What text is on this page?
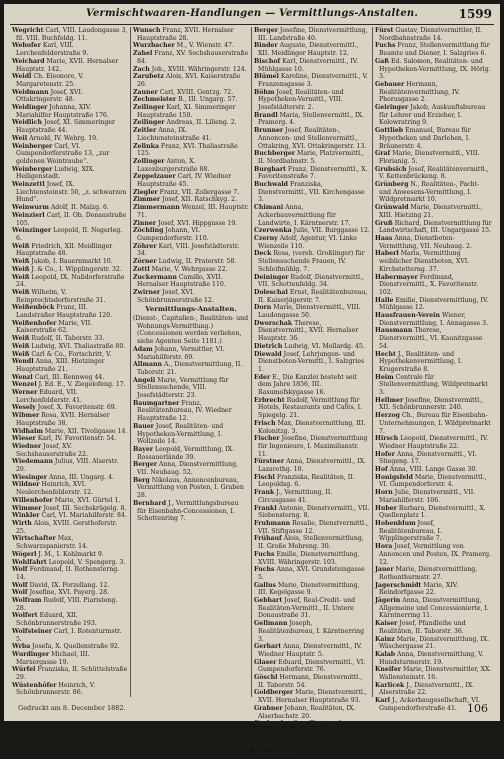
Vermischtwaaren-Handlungen — Vermittlungs-Anstalten.	1599

Wegricht Carl, VIII. Laudongasse 3, fil. VIII. Buchfeldg. 11.

Wehofer Karl, VIII. Lerchenfelderstraße 9.

Weichard Marie, XVII. Hernalser Hauptstr. 142.

Weidl Ch. Eleonore, V. Margaretenstr. 25.

Weidmann Josef, XVI. Ottakringerstr. 48.

Weidinger Johanna, XIV. Mariahilfer Hauptstraße 176.

Weidlich Josef, XI. Simmeringer Hauptstraße 44.

Weil Arnold, IV. Wehrg. 19.

Weinberger Carl, VI. Gumpendorferstraße 13, „zur goldenen Weintraube“.

Weinberger Ludwig, XIX. Heiligenstadt.

Weinzettl Josef, IX. Liechtensteinstr. 50, „z. schwarzen Hund“.

Weinwurm Adolf, II. Malzg. 6.

Weinzierl Carl, II. Ob. Donaustraße 105.

Weinzinger Leopold, II. Negerleg. 6.

Weiß Friedrich, XII. Meidlinger Hauptstraße 48.

Weiß Jakob, I. Bauernmarkt 10.

Weiß J. & Co., I. Wipplingerstr. 32.

Weiß Leopold, IX. Nußdorferstraße 24.

Weiß Wilhelm, V. Reinprechtsdorferstraße 31.

Weißenböck Franz, III. Landstraßer Hauptstraße 120.

Weißenhofer Marie, VII. Kaiserstraße 62.

Weiß Rudolf, II. Taborstr. 33.

Weiß Ludwig, XVI. Thaliastraße 80.

Weiß Carl & Co., Fortschritt, V.

Wendl Anna, XIII. Hietzinger Hauptstraße 21.

Wenzl Carl, III. Rennweg 44.

Wenzel J. Ed. E., V. Ziegelofeng. 17.

Werner Eduard, VII. Lerchenfelderstr. 41.

Wesely Josef, X. Favoritenstr. 69.

Wibmer Rosa, XVII. Hernalser Hauptstraße 38.

Widhalm Marie, XII. Tivoligasse 14.

Wieser Karl, IV. Favoritenstr. 54.

Wiedner Josef, XV. Sechshauserstraße 22.

Wiedemann Julius, VIII. Alserstr. 20.

Wiesinger Anna, III. Ungarg. 4.

Wildner Heinrich, XVI. Neulerchenfelderstr. 12.

Willenhofer Marie, XVI. Gürtel 1.

Wimmer Josef, III. Sechskrügelg. 8.

Winkler Carl, VI. Mariahilferstr. 84.

Wirth Alois, XVIII. Gersthoferstr. 25.

Wirtschafter Max, Schwarzspanierstr. 14.

Wögerl J. M., I. Kohlmarkt 9.

Wohlfahrt Leopold, V. Spengerg. 3.

Wolf Ferdinand, II. Rothensterng. 14.

Wolf David, IX. Porzellang. 12.

Wolf Josefine, XVI. Payerg. 28.

Wolfram Rudolf, VIII. Piaristeng. 28.

Wolfert Eduard, XII. Schönbrunnerstraße 193.

Wolfsteiner Carl, I. Rotenturmstr. 5.

Wrba Josefa, X. Quellenstraße 92.

Wurdinger Michael, III. Marxergasse 19.

Würfel Franziska, II. Schüttelstraße 29.

Wüstenhöfer Heinrich, V. Schönbrunnerstr. 86.

Wunsch Franz, XVII. Hernalser Hauptstraße 28.

Wurzbacher M., V. Wienstr. 47.

Zahel Franz, XV. Sechshauserstraße 84.

Zach Joh., XVIII. Währingerstr. 124.

Zarubetz Alois, XVI. Kaiserstraße 26.

Zauner Carl, XVIII. Gentzg. 72.

Zechmeister B., III. Ungarg. 57.

Zeilinger Karl, XI. Simmeringer Hauptstraße 150.

Zeilinger Andreas, II. Lilieng. 2.

Zeitler Anna, IX. Liechtensteinstraße 41.

Zelinka Franz, XVI. Thaliastraße 125.

Zellinger Anton, X. Laxenburgerstraße 88.

Zeppelzauer Carl, IV. Wiedner Hauptstraße 45.

Ziegler Franz, VII. Zollergasse 7.

Zimmer Josef, XII. Ratschkyg. 2.

Zimmermann Wenzel, III. Hauptstr. 71.

Zinner Josef, XVI. Hippgasse 19.

Zöchling Johann, VI. Gumpendorferstr. 110.

Zöhrer Karl, VIII. Josefstädterstr. 34.

Zörner Ludwig, II. Praterstr. 58.

Zottl Marie, V. Wehrgasse 22.

Zuckermann Camillo, XVII. Hernalser Hauptstraße 110.

Zwirner Josef, XVI. Schönbrunnerstraße 12.

Vermittlungs-Anstalten.

(Dienst-, Capitalien-, Realitäten- und Wohnungs-Vermittlung.) (Concessionen werden verliehen, siehe Agenten Seite 1181.)

Adam Johann, Vermittler, VI. Mariahilferstr. 69.

Allmann A., Dienstvermittlung, II. Taborstr. 21.

Angeli Marie, Vermittlung für Stellensuchende, VIII. Josefstädterstr. 23.

Baumgartner Franz, Realitätenbureau, IV. Wiedner Hauptstraße 12.

Bauer Josef, Realitäten- und Hypotheken-Vermittlung, I. Wollzeile 14.

Bayer Leopold, Vermittlung, IX. Rossauerlände 39.

Berger Anna, Dienstvermittlung, VII. Neubaug. 52.

Berg Nikolaus, Annoncenbureau, Vermittlung von Posten, I. Graben 28.

Bernhard J., Vermittlungsbureau für Eisenbahn-Concessionen, I. Schottenring 7.

Berger Josefine, Dienstvermittlung, III. Landstraße 40.

Binder Auguste, Dienstvermittl., XII. Meidlinger Hauptstr. 12.

Bischof Karl, Dienstvermittl., IV. Mühlgasse 10.

Blümel Karoline, Dienstvermittl., V. Franzensgasse 3.

Böhm Josef, Realitäten- und Hypotheken-Vermittl., VIII. Josefstädterstr. 2.

Brandl Maria, Stellenvermittl., IX. Pramerg. 4.

Brunner Josef, Realitäten-, Annoncen- und Stellenvermittl., Ottakring, XVI. Ottakringerstr. 13.

Buchberger Marie, Platzvermittl., II. Nordbahnstr. 5.

Burghart Franz, Dienstvermittl., X. Favoritenstraße 7.

Buchwald Franziska, Dienstvermittl., VII. Kirchengasse 3.

Chimani Anna, Ackerbauvermittlung für Landwirte, I. Kärntnerstr. 17.

Czerwenka Julie, VII. Burggasse 12.

Czerny Adolf, Agentur, VI. Linke Wienzeile 110.

Deck Rosa, (vereh. Großlinger) für Stellensuchende Frauen, IV. Schleifmühlg. 7.

Deininger Rudolf, Dienstvermittl., VII. Schottenfeldg. 34.

Doleschal Ernst, Realitätenbureau, II. Kaiserjägerstr. 7.

Dorn Marie, Dienstvermittl., VIII. Laudongasse 50.

Dworschak Therese, Dienstvermittl., XVII. Hernalser Hauptstr. 36.

Dietrich Ludwig, VI. Mollardg. 45.

Diewald Josef, Lehrjungen- und Dienstboten-Vermittl., I. Salzgries 1.

Eder E., Die Kanzlei besteht seit dem Jahre 1856, III. Rasumofskygasse 16.

Erbrecht Rudolf, Vermittlung für Hotels, Restaurants und Cafés, I. Spiegelg. 21.

Frisch Max, Dienstvermittlung, III. Kolonitzg. 3.

Fischer Josefine, Dienstvermittlung für Ingenieure, I. Maximilianstr. 11.

Fürstner Anna, Dienstvermittl., IX. Lazarethg. 10.

Fischl Franziska, Realitäten, II. Leopoldsg. 6.

Frank J., Vermittlung, II. Circusgasse 41.

Frankl Antonie, Dienstvermittl., VII. Siebensterng. 8.

Fruhmann Rosalie, Dienstvermittl., VII. Stiftgasse 12.

Frühauf Alois, Stellenvermittlung, II. Große Mohreng. 30.

Fuchs Emilie, Dienstvermittlung, XVIII. Währingerstr. 103.

Fuchs Anna, XVI. Grundsteingasse 5.

Gallus Marie, Dienstvermittlung, III. Kegelgasse 9.

Gebhart Josef, Real-Credit- und Realitäten-Vermittl., II. Untere Donaustraße 31.

Gellmann Joseph, Realitätenbureau, I. Kärntnerring 3.

Gerhart Anna, Dienstvermittl., IV. Wiedner Hauptstr. 5.

Glaser Eduard, Dienstvermittl., VI. Gumpendorferstr. 76.

Göschl Hermann, Dienstvermittl., II. Taborstr. 54.

Goldberger Marie, Dienstvermittl., XVII. Hernalser Hauptstraße 93.

Grabner Johann, Realitäten, IX. Alserbachstr. 20.

Gruber Josefine, Platz- und Stellenvermittlung, VI. Mariahilferstr. 37.

Gutmann Wilhelm, Vermittlung, I. Rotgasse 8.

Fürst Gustav, Dienstvermittler, II. Nordbahnstraße 14.

Fuchs Franz, Stellenvermittlung für Beamte und Diener, I. Salzgries 6.

Gaß Ed. Salomon, Realitäten- und Hypotheken-Vermittlung, IX. Hörlg. 3.

Gebauer Hermann, Realitätenvermittlung, IV. Phorusgasse 2.

Geiringer Jakob, Auskunftsbureau für Lehrer und Erzieher, I. Kolowratring 9.

Gottlieb Emanuel, Bureau für Hypotheken und Darlehen, I. Bräunerstr. 4.

Graf Marie, Dienstvermittl., VIII. Florianig. 5.

Grubsich Josef, Realitätenvermittl., V. Kettenbrückeng. 8.

Grünberg N., Realitäten-, Pacht- und Anwesens-Vermittlung, I. Wildpretmarkt 10.

Grünwald Marie, Dienstvermittl., XIII. Hietzing 21.

Gruß Richard, Dienstvermittlung für Landwirtschaft, III. Ungargasse 15.

Haas Anna, Dienstboten-Vermittlung, VII. Neubaug. 2.

Haberl Maria, Vermittlung weiblicher Dienstboten, XVI. Kirchstetterng. 37.

Habermayer Ferdinand, Dienstvermittl., X. Favoritenstr. 102.

Halle Emilie, Dienstvermittlung, IV. Mühlgasse 12.

Hausfrauen-Verein Wiener, Dienstvermittlung, I. Annagasse 3.

Hausmann Therese, Dienstvermittl., VI. Kaunitzgasse 54.

Hecht J., Realitäten- und Hypothekenvermittlung, I. Krugerstraße 8.

Heim Centrale für Stellenvermittlung, Wildpretmarkt 3.

Hellmer Josefine, Dienstvermittl., XII. Schönbrunnerstr. 240.

Herzog Ch., Bureau für Eisenbahn-Unternehmungen, I. Wildpretmarkt 7.

Hirsch Leopold, Dienstvermittl., IV. Wiedner Hauptstraße 22.

Hofer Anna, Dienstvermittl., VI. Stiegeng. 17.

Hof Anna, VIII. Lange Gasse 30.

Honigsfeld Marie, Dienstvermittl., VI. Gumpendorferstr. 4.

Horn Julie, Dienstvermittl., VII. Mariahilferstr. 106.

Huber Barbara, Dienstvermittl., X. Quellenplatz 1.

Hohenblum Josef, Realitätenbureau, I. Wipplingerstraße 7.

Hora Josef, Vermittlung von Annoncen und Posten, IX. Pramerg. 12.

Jauer Marie, Dienstvermittlung, Rothenthurmstr. 27.

Jagerschmidt Marie, XIV. Reindorfgasse 22.

Jägerin Anna, Dienstvermittlung, Allgemeine und Concessionierte, I. Kärntnerring 11.

Kaiser Josef, Pfandleihe und Realitäten, II. Taborstr. 36.

Kainz Marie, Dienstvermittlung, IX. Wäschergasse 21.

Kalab Anna, Dienstvermittlung, V. Hundsturmerstr. 19.

Kneifer Marie, Dienstvermittler, XX. Wallensteinstr. 16.

Karlicek J., Dienstvermittl., IX. Alserstraße 22.

Karl J., Ackerbaugesellschaft, VI. Gumpendorferstraße 41.

Gedruckt am 8. December 1882.	106
